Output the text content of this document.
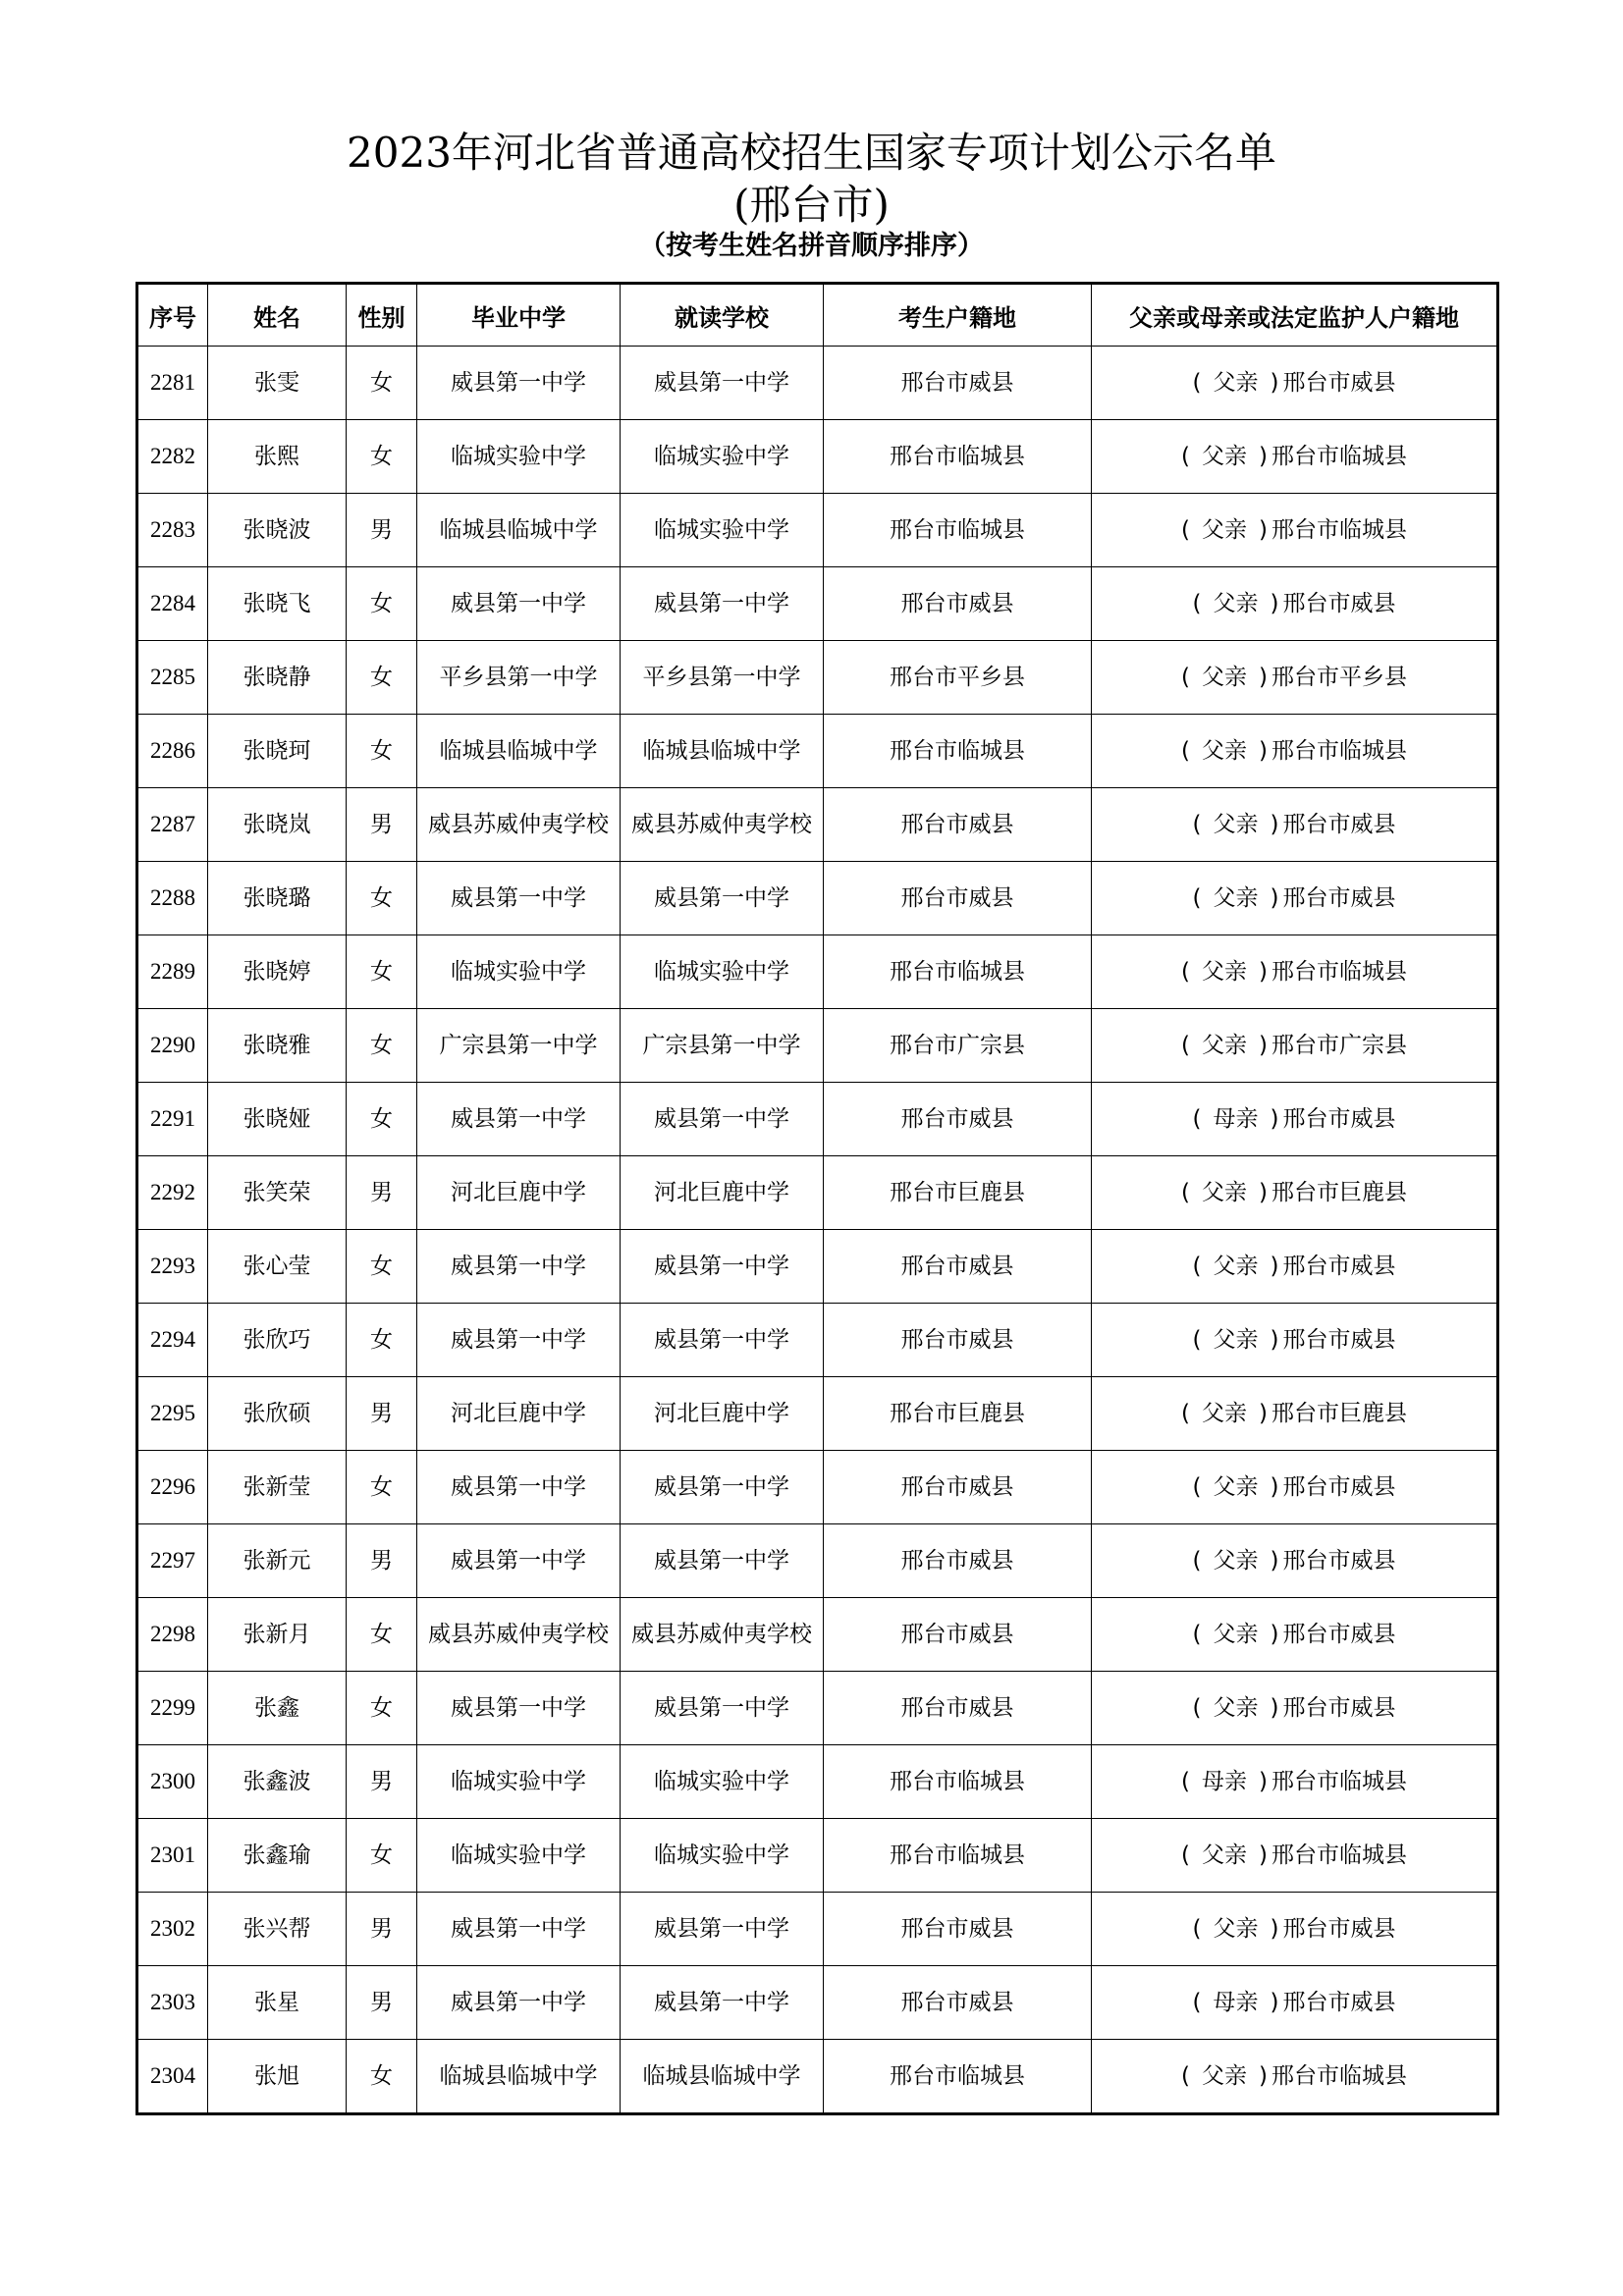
2023年河北省普通高校招生国家专项计划公示名单
(邢台市)
（按考生姓名拼音顺序排序）
序号	姓名	性别	毕业中学	就读学校	考生户籍地	父亲或母亲或法定监护人户籍地
2281	张雯	女	威县第一中学	威县第一中学	邢台市威县	( 父亲 ) 邢台市威县
2282	张熙	女	临城实验中学	临城实验中学	邢台市临城县	( 父亲 ) 邢台市临城县
2283	张晓波	男	临城县临城中学	临城实验中学	邢台市临城县	( 父亲 ) 邢台市临城县
2284	张晓飞	女	威县第一中学	威县第一中学	邢台市威县	( 父亲 ) 邢台市威县
2285	张晓静	女	平乡县第一中学	平乡县第一中学	邢台市平乡县	( 父亲 ) 邢台市平乡县
2286	张晓珂	女	临城县临城中学	临城县临城中学	邢台市临城县	( 父亲 ) 邢台市临城县
2287	张晓岚	男	威县苏威仲夷学校	威县苏威仲夷学校	邢台市威县	( 父亲 ) 邢台市威县
2288	张晓璐	女	威县第一中学	威县第一中学	邢台市威县	( 父亲 ) 邢台市威县
2289	张晓婷	女	临城实验中学	临城实验中学	邢台市临城县	( 父亲 ) 邢台市临城县
2290	张晓雅	女	广宗县第一中学	广宗县第一中学	邢台市广宗县	( 父亲 ) 邢台市广宗县
2291	张晓娅	女	威县第一中学	威县第一中学	邢台市威县	( 母亲 ) 邢台市威县
2292	张笑荣	男	河北巨鹿中学	河北巨鹿中学	邢台市巨鹿县	( 父亲 ) 邢台市巨鹿县
2293	张心莹	女	威县第一中学	威县第一中学	邢台市威县	( 父亲 ) 邢台市威县
2294	张欣巧	女	威县第一中学	威县第一中学	邢台市威县	( 父亲 ) 邢台市威县
2295	张欣硕	男	河北巨鹿中学	河北巨鹿中学	邢台市巨鹿县	( 父亲 ) 邢台市巨鹿县
2296	张新莹	女	威县第一中学	威县第一中学	邢台市威县	( 父亲 ) 邢台市威县
2297	张新元	男	威县第一中学	威县第一中学	邢台市威县	( 父亲 ) 邢台市威县
2298	张新月	女	威县苏威仲夷学校	威县苏威仲夷学校	邢台市威县	( 父亲 ) 邢台市威县
2299	张鑫	女	威县第一中学	威县第一中学	邢台市威县	( 父亲 ) 邢台市威县
2300	张鑫波	男	临城实验中学	临城实验中学	邢台市临城县	( 母亲 ) 邢台市临城县
2301	张鑫瑜	女	临城实验中学	临城实验中学	邢台市临城县	( 父亲 ) 邢台市临城县
2302	张兴帮	男	威县第一中学	威县第一中学	邢台市威县	( 父亲 ) 邢台市威县
2303	张星	男	威县第一中学	威县第一中学	邢台市威县	( 母亲 ) 邢台市威县
2304	张旭	女	临城县临城中学	临城县临城中学	邢台市临城县	( 父亲 ) 邢台市临城县
